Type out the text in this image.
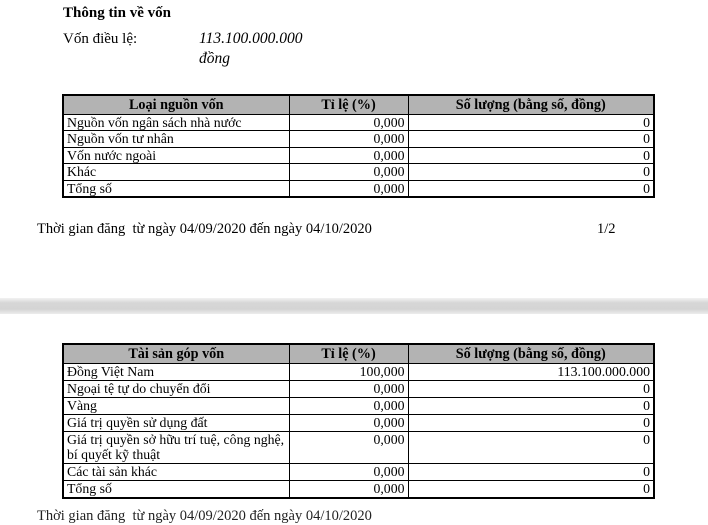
Thông tin về vốn
Vốn điều lệ:	113.100.000.000
đồng
Loại nguồn vốn	Tỉ lệ (%)	Số lượng (bằng số, đồng)
Nguồn vốn ngân sách nhà nước	0,000	0
Nguồn vốn tư nhân	0,000	0
Vốn nước ngoài	0,000	0
Khác	0,000	0
Tổng số	0,000	0
Thời gian đăng  từ ngày 04/09/2020 đến ngày 04/10/2020	1/2
Tài sản góp vốn	Tỉ lệ (%)	Số lượng (bằng số, đồng)
Đồng Việt Nam	100,000	113.100.000.000
Ngoại tệ tự do chuyển đổi	0,000	0
Vàng	0,000	0
Giá trị quyền sử dụng đất	0,000	0
Giá trị quyền sở hữu trí tuệ, công nghệ, bí quyết kỹ thuật	0,000	0
Các tài sản khác	0,000	0
Tổng số	0,000	0
Thời gian đăng  từ ngày 04/09/2020 đến ngày 04/10/2020
